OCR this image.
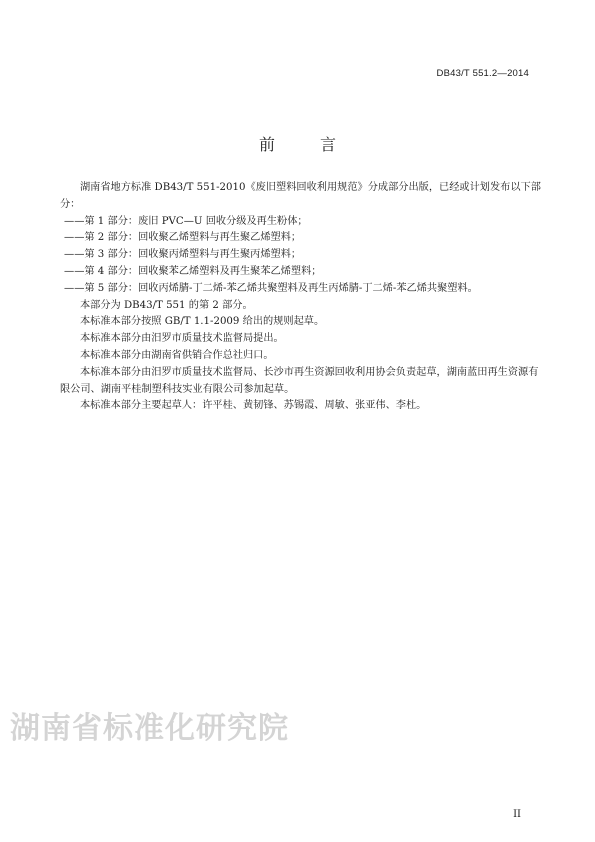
DB43/T 551.2—2014
前 言

湖南省地方标准 DB43/T 551-2010《废旧塑料回收利用规范》分成部分出版，已经或计划发布以下部分：

——第 1 部分：废旧 PVC—U 回收分级及再生粉体；

——第 2 部分：回收聚乙烯塑料与再生聚乙烯塑料；

——第 3 部分：回收聚丙烯塑料与再生聚丙烯塑料；

——第 4 部分：回收聚苯乙烯塑料及再生聚苯乙烯塑料；

——第 5 部分：回收丙烯腈-丁二烯-苯乙烯共聚塑料及再生丙烯腈-丁二烯-苯乙烯共聚塑料。

本部分为 DB43/T 551 的第 2 部分。

本标准本部分按照 GB/T 1.1-2009 给出的规则起草。

本标准本部分由汨罗市质量技术监督局提出。

本标准本部分由湖南省供销合作总社归口。

本标准本部分由汨罗市质量技术监督局、长沙市再生资源回收利用协会负责起草，湖南蓝田再生资源有限公司、湖南平桂制塑科技实业有限公司参加起草。

本标准本部分主要起草人：许平桂、黄韧锋、苏锡霞、周敏、张亚伟、李杜。

湖南省标准化研究院
II
